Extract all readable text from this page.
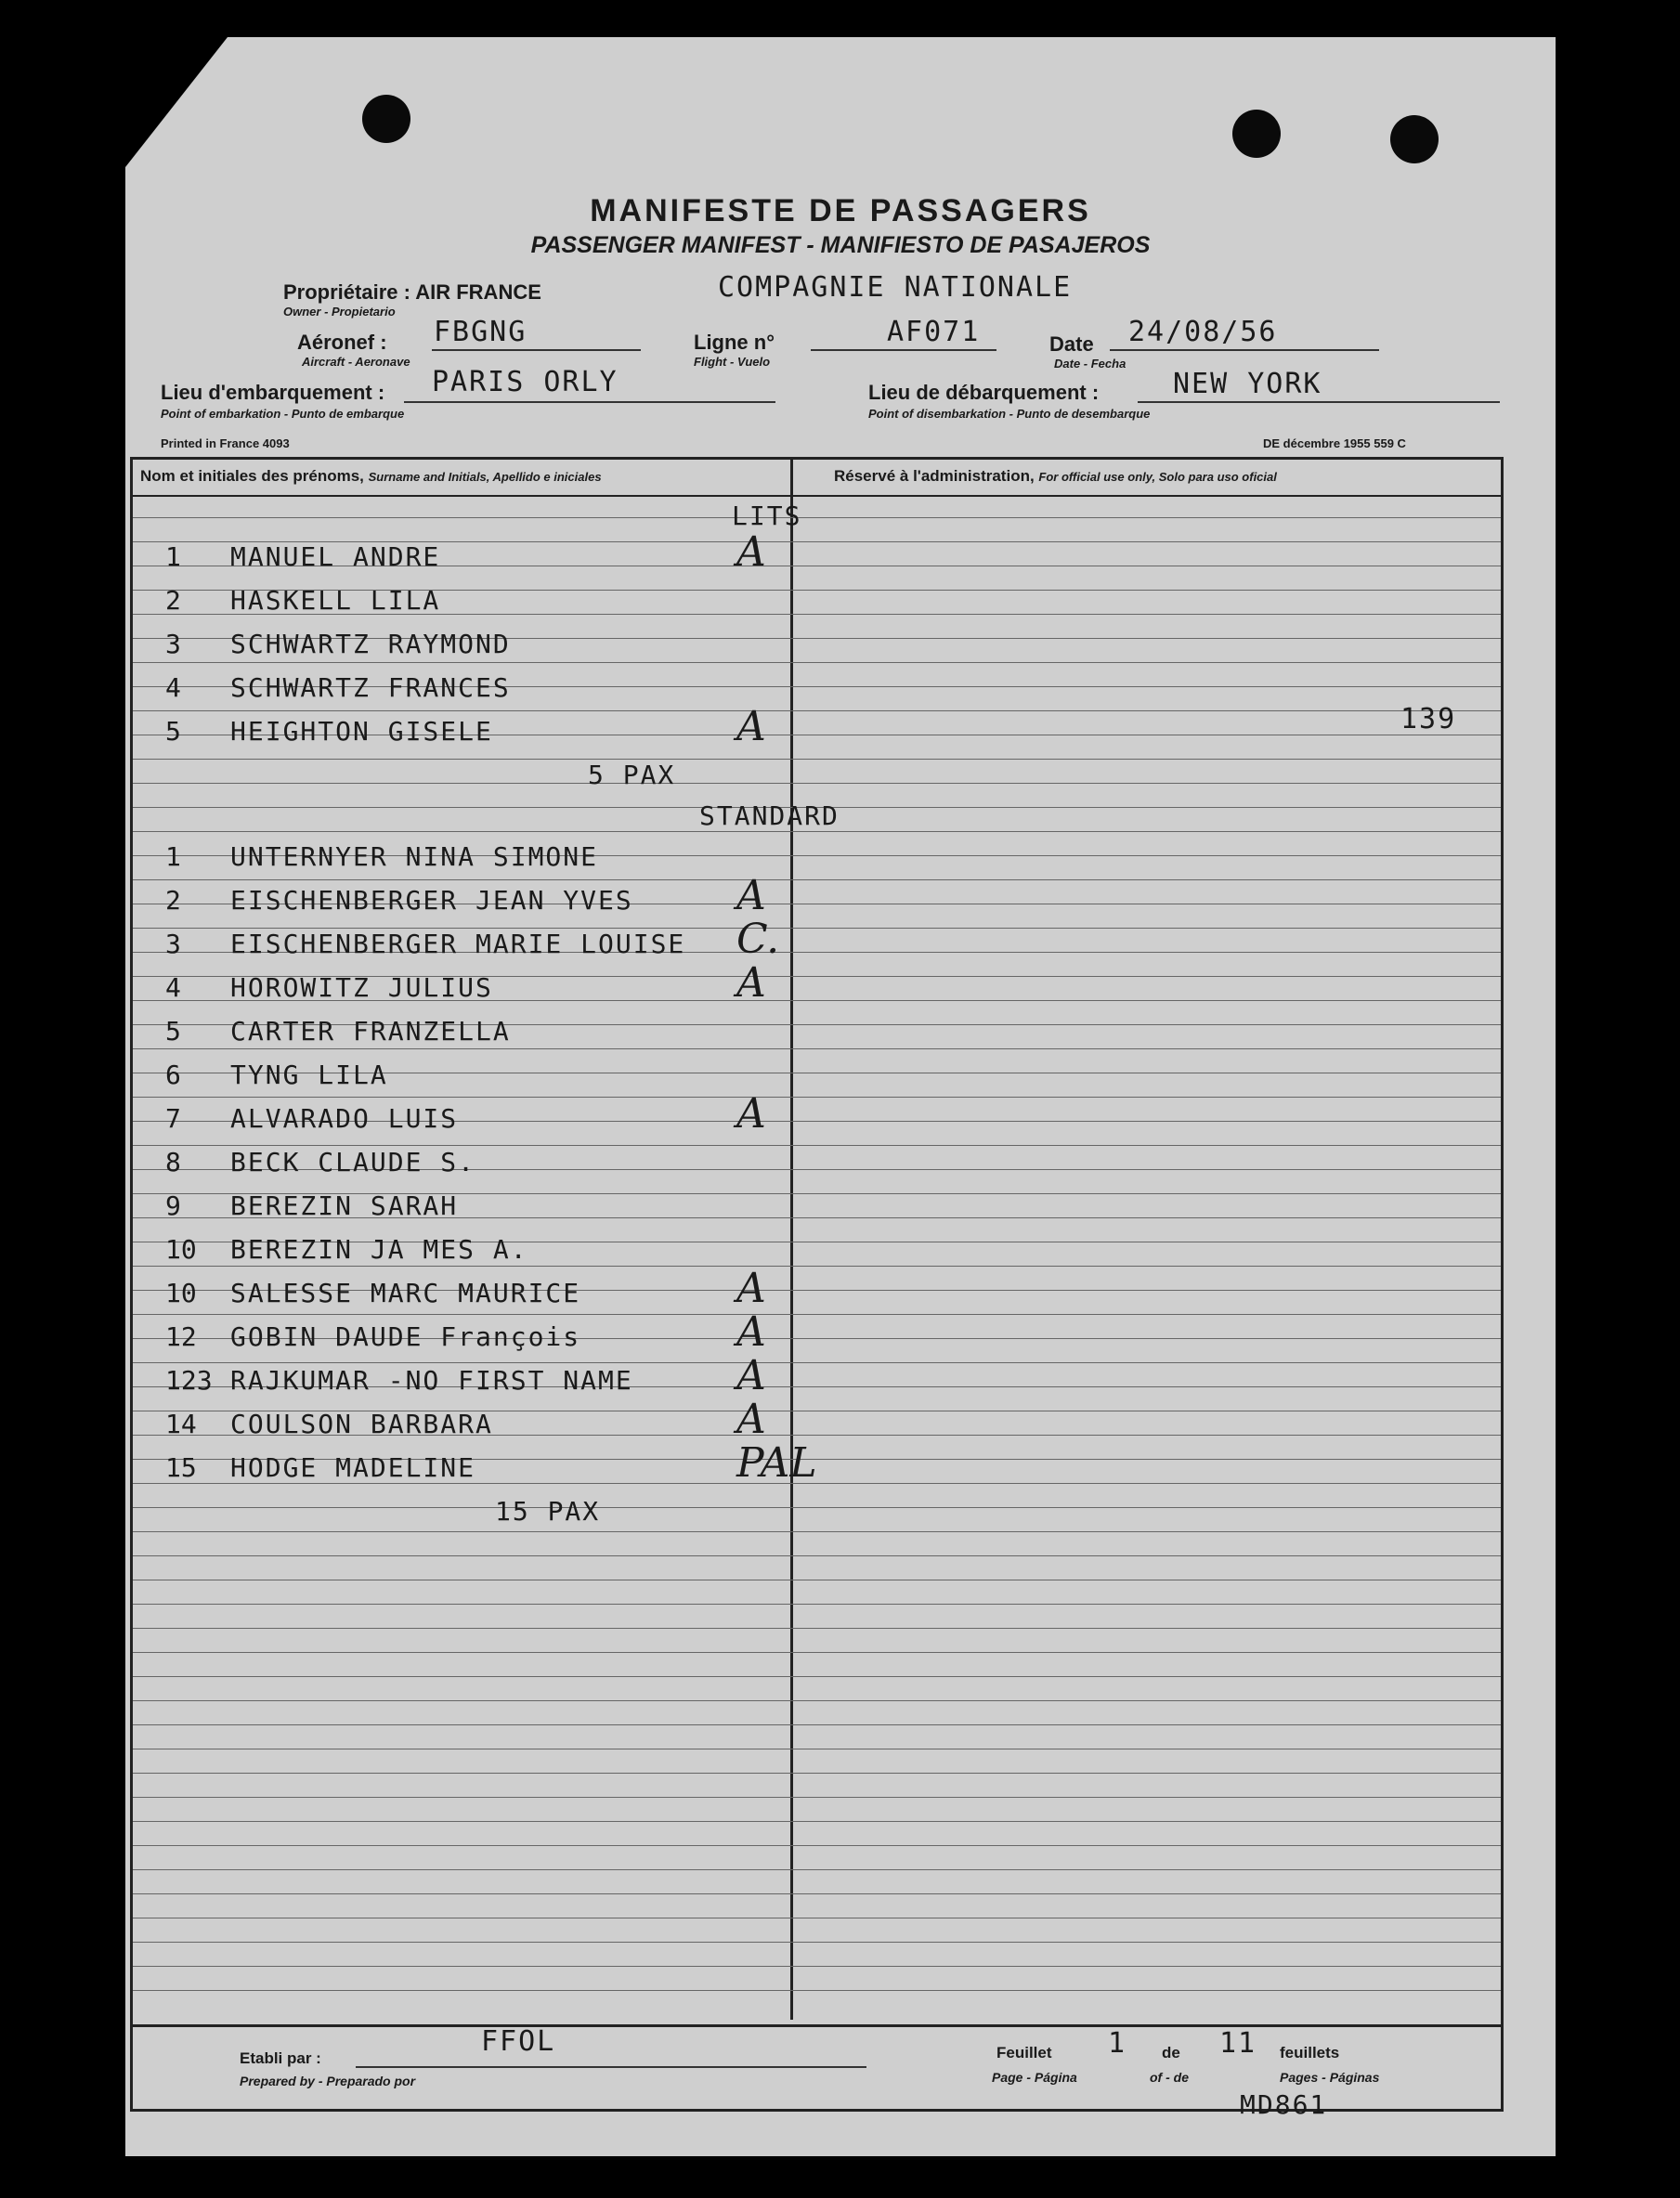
MANIFESTE DE PASSAGERS
PASSENGER MANIFEST - MANIFIESTO DE PASAJEROS
Propriétaire : AIR FRANCE
Owner - Propietario
COMPAGNIE NATIONALE
Aéronef :
Aircraft - Aeronave
FBGNG	Ligne n°
Flight - Vuelo
AF071	Date
Date - Fecha
24/08/56
Lieu d'embarquement :
Point of embarkation - Punto de embarque
PARIS ORLY	Lieu de débarquement :
Point of disembarkation - Punto de desembarque
NEW YORK
Printed in France 4093	DE décembre 1955 559 C
Nom et initiales des prénoms, Surname and Initials, Apellido e iniciales	Réservé à l'administration, For official use only, Solo para uso oficial
LITS
1 MANUEL ANDRE	A
2 HASKELL LILA
3 SCHWARTZ RAYMOND
4 SCHWARTZ FRANCES
5 HEIGHTON GISELE	A
5 PAX
STANDARD
1 UNTERNYER NINA SIMONE
2 EISCHENBERGER JEAN YVES	A
3 EISCHENBERGER MARIE LOUISE C.
4 HOROWITZ JULIUS	A
5 CARTER FRANZELLA
6 TYNG LILA
7 ALVARADO LUIS	A
8 BECK CLAUDE S.
9 BEREZIN SARAH
10 BEREZIN JA MES A.
10 SALESSE MARC MAURICE	A
12 GOBIN DAUDE François	A
123 RAJKUMAR -NO FIRST NAME	A
14 COULSON BARBARA	A
15 HODGE MADELINE	PAL
15 PAX
139
Etabli par :
Prepared by - Preparado por
FFOL	Feuillet
Page - Página
1 de
of - de
11 feuillets
Pages - Páginas
MD861
